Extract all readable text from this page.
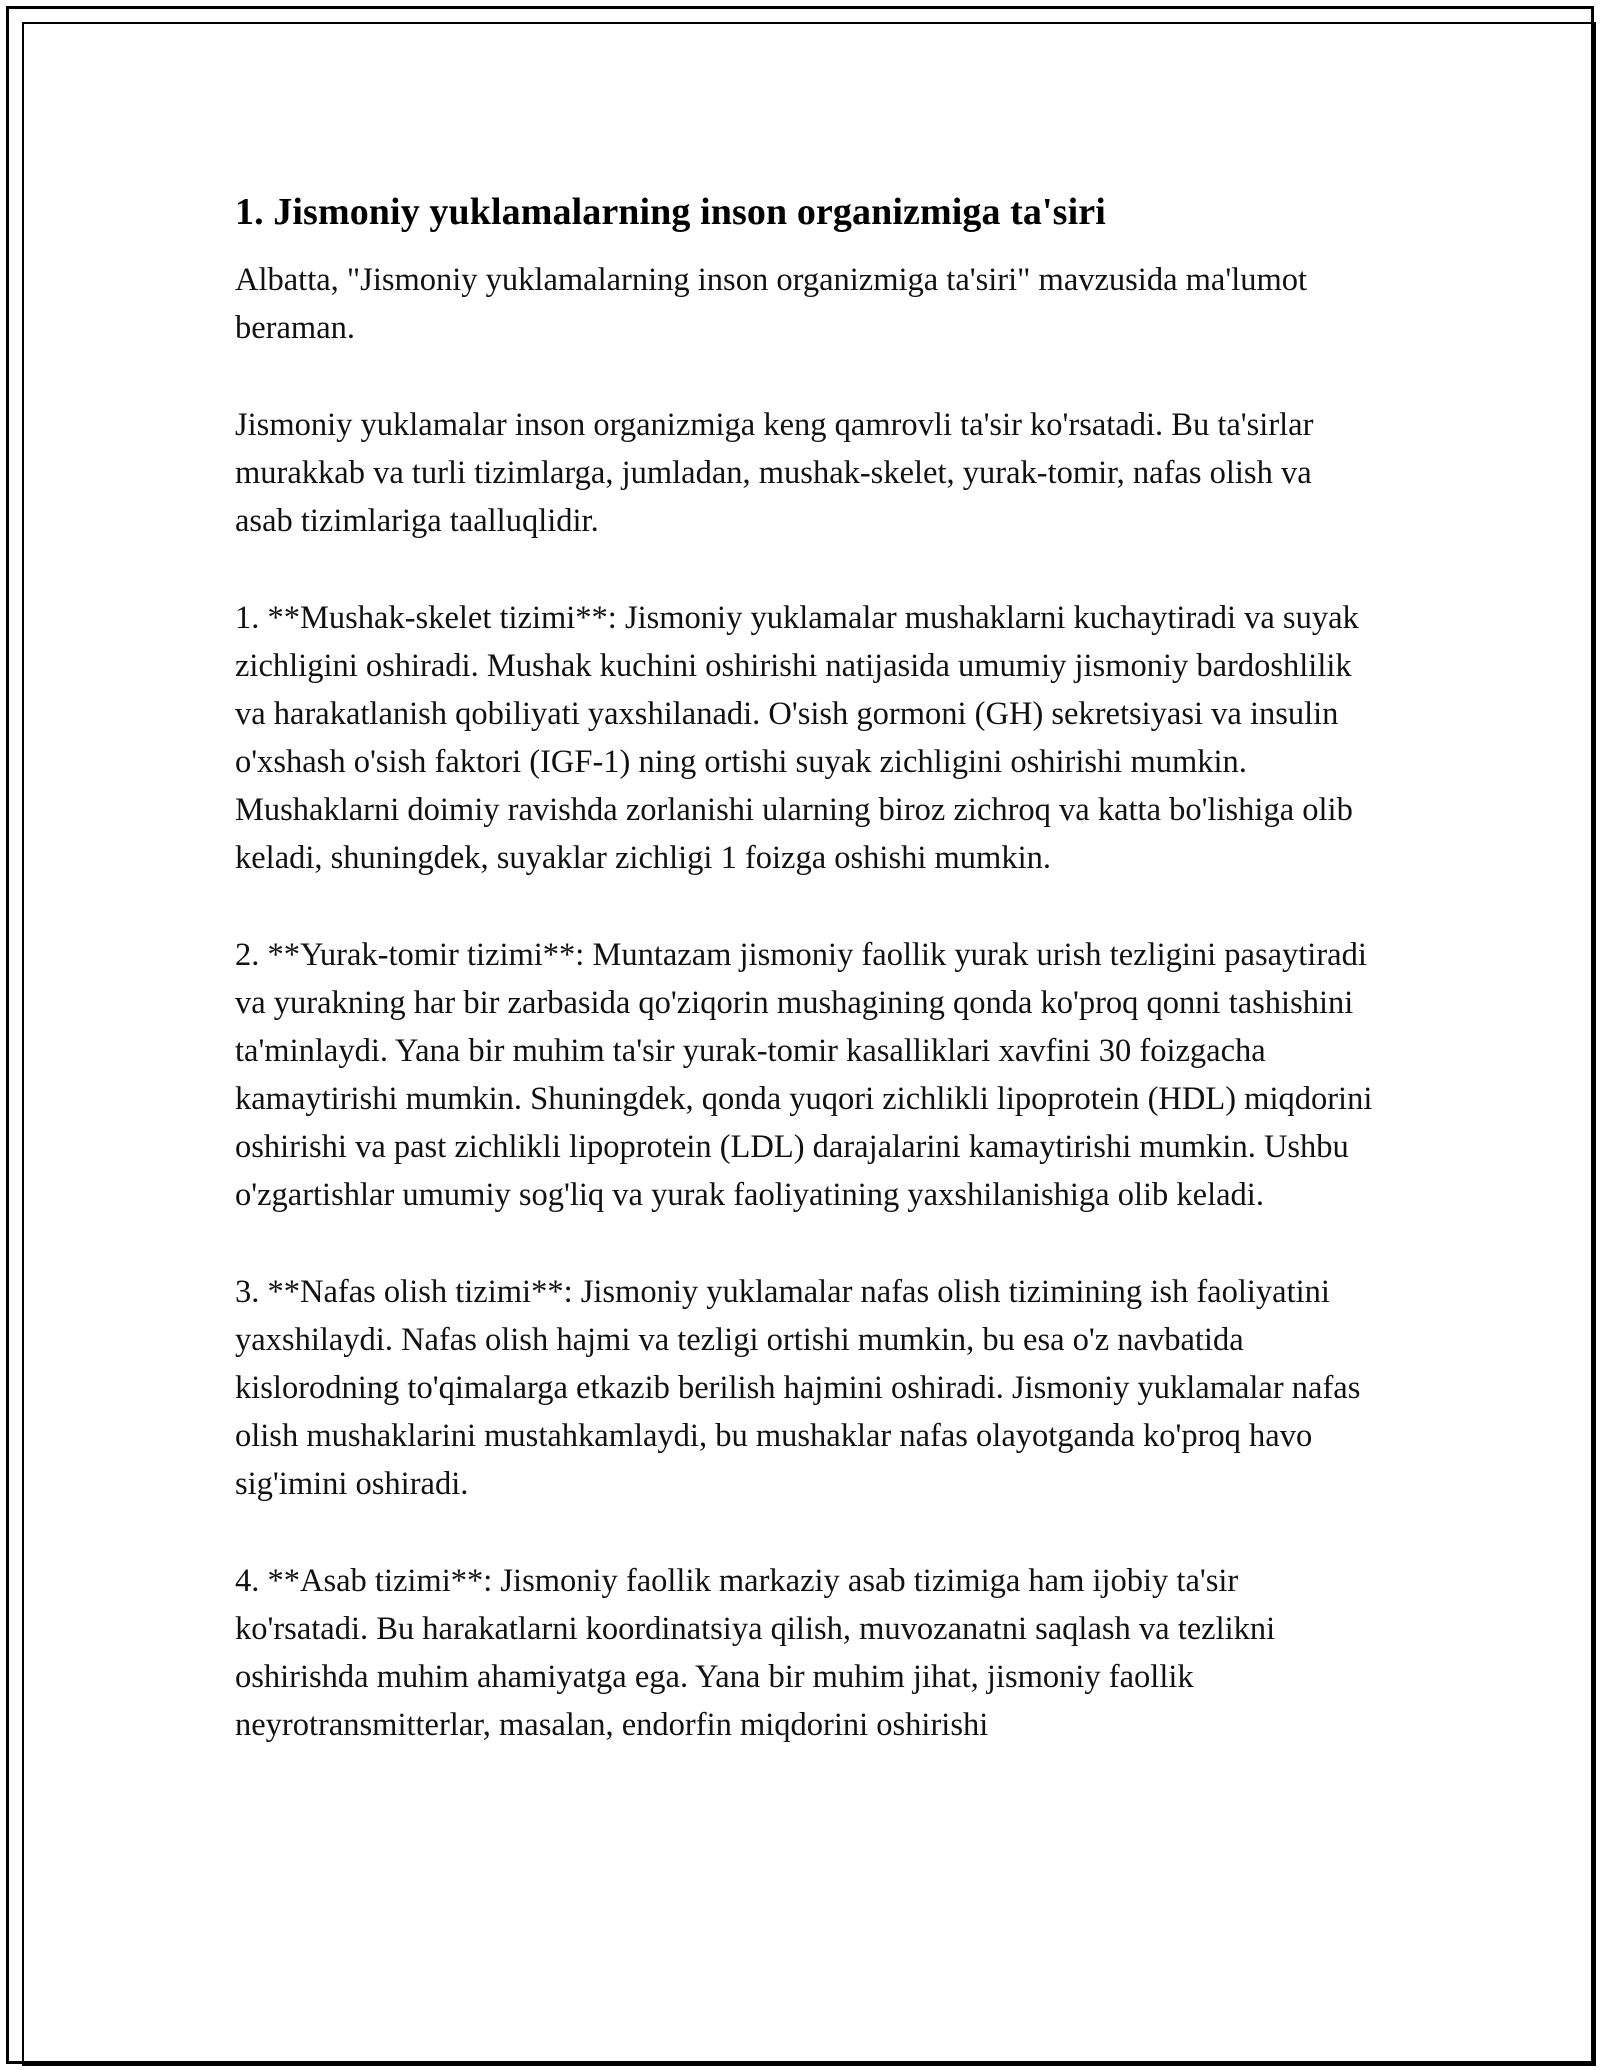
1. Jismoniy yuklamalarning inson organizmiga ta'siri

Albatta, "Jismoniy yuklamalarning inson organizmiga ta'siri" mavzusida ma'lumot beraman.

Jismoniy yuklamalar inson organizmiga keng qamrovli ta'sir ko'rsatadi. Bu ta'sirlar murakkab va turli tizimlarga, jumladan, mushak-skelet, yurak-tomir, nafas olish va asab tizimlariga taalluqlidir.

1. **Mushak-skelet tizimi**: Jismoniy yuklamalar mushaklarni kuchaytiradi va suyak zichligini oshiradi. Mushak kuchini oshirishi natijasida umumiy jismoniy bardoshlilik va harakatlanish qobiliyati yaxshilanadi. O'sish gormoni (GH) sekretsiyasi va insulin o'xshash o'sish faktori (IGF-1) ning ortishi suyak zichligini oshirishi mumkin. Mushaklarni doimiy ravishda zorlanishi ularning biroz zichroq va katta bo'lishiga olib keladi, shuningdek, suyaklar zichligi 1 foizga oshishi mumkin.

2. **Yurak-tomir tizimi**: Muntazam jismoniy faollik yurak urish tezligini pasaytiradi va yurakning har bir zarbasida qo'ziqorin mushagining qonda ko'proq qonni tashishini ta'minlaydi. Yana bir muhim ta'sir yurak-tomir kasalliklari xavfini 30 foizgacha kamaytirishi mumkin. Shuningdek, qonda yuqori zichlikli lipoprotein (HDL) miqdorini oshirishi va past zichlikli lipoprotein (LDL) darajalarini kamaytirishi mumkin. Ushbu o'zgartishlar umumiy sog'liq va yurak faoliyatining yaxshilanishiga olib keladi.

3. **Nafas olish tizimi**: Jismoniy yuklamalar nafas olish tizimining ish faoliyatini yaxshilaydi. Nafas olish hajmi va tezligi ortishi mumkin, bu esa o'z navbatida kislorodning to'qimalarga etkazib berilish hajmini oshiradi. Jismoniy yuklamalar nafas olish mushaklarini mustahkamlaydi, bu mushaklar nafas olayotganda ko'proq havo sig'imini oshiradi.

4. **Asab tizimi**: Jismoniy faollik markaziy asab tizimiga ham ijobiy ta'sir ko'rsatadi. Bu harakatlarni koordinatsiya qilish, muvozanatni saqlash va tezlikni oshirishda muhim ahamiyatga ega. Yana bir muhim jihat, jismoniy faollik neyrotransmitterlar, masalan, endorfin miqdorini oshirishi
